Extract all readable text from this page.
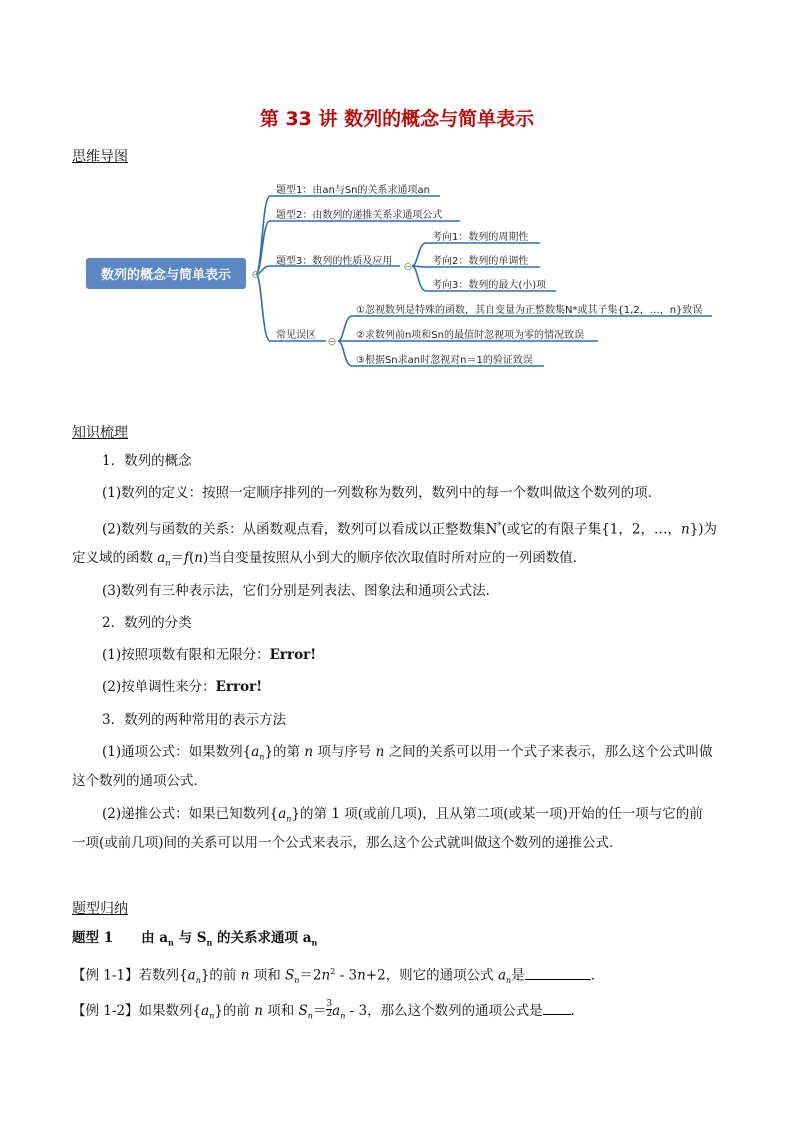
第 33 讲 数列的概念与简单表示
思维导图
数列的概念与简单表示 ⊖
⊖
⊖
题型1：由an与Sn的关系求通项an
题型2：由数列的递推关系求通项公式
题型3：数列的性质及应用
考向1：数列的周期性
考向2：数列的单调性
考向3：数列的最大(小)项
常见误区
①忽视数列是特殊的函数，其自变量为正整数集N*或其子集{1,2，…，n}致误
②求数列前n项和Sn的最值时忽视项为零的情况致误
③根据Sn求an时忽视对n＝1的验证致误
知识梳理
1．数列的概念
(1)数列的定义：按照一定顺序排列的一列数称为数列，数列中的每一个数叫做这个数列的项．
(2)数列与函数的关系：从函数观点看，数列可以看成以正整数集N*(或它的有限子集{1，2，…，n})为
定义域的函数 $a_n=f(n)$当自变量按照从小到大的顺序依次取值时所对应的一列函数值．
(3)数列有三种表示法，它们分别是列表法、图象法和通项公式法．
2．数列的分类
(1)按照项数有限和无限分：Error!
(2)按单调性来分：Error!
3．数列的两种常用的表示方法
(1)通项公式：如果数列$\{a_n\}$的第 n 项与序号 n 之间的关系可以用一个式子来表示，那么这个公式叫做
这个数列的通项公式．
(2)递推公式：如果已知数列$\{a_n\}$的第 1 项(或前几项)，且从第二项(或某一项)开始的任一项与它的前
一项(或前几项)间的关系可以用一个公式来表示，那么这个公式就叫做这个数列的递推公式．
题型归纳
题型 1 由 $a_n$ 与 $S_n$ 的关系求通项 $a_n$
【例 1-1】若数列$\{a_n\}$的前 n 项和 $S_n=2n^2 - 3n+2$，则它的通项公式 $a_n$是	．
【例 1-2】如果数列$\{a_n\}$的前 n 项和 $S_n= \frac{3}{2} a_n - 3$，那么这个数列的通项公式是 ．
